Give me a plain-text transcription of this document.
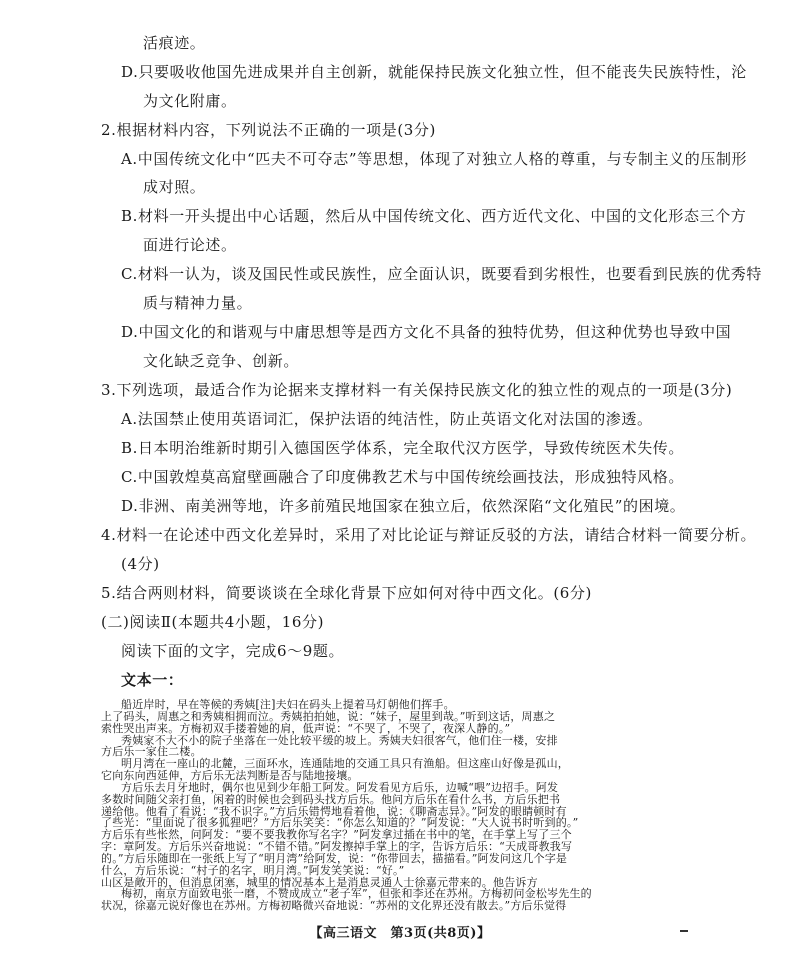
活痕迹。
D.只要吸收他国先进成果并自主创新，就能保持民族文化独立性，但不能丧失民族特性，沦
为文化附庸。
2.根据材料内容，下列说法不正确的一项是(3分)
A.中国传统文化中“匹夫不可夺志”等思想，体现了对独立人格的尊重，与专制主义的压制形
成对照。
B.材料一开头提出中心话题，然后从中国传统文化、西方近代文化、中国的文化形态三个方
面进行论述。
C.材料一认为，谈及国民性或民族性，应全面认识，既要看到劣根性，也要看到民族的优秀特
质与精神力量。
D.中国文化的和谐观与中庸思想等是西方文化不具备的独特优势，但这种优势也导致中国
文化缺乏竞争、创新。
3.下列选项，最适合作为论据来支撑材料一有关保持民族文化的独立性的观点的一项是(3分)
A.法国禁止使用英语词汇，保护法语的纯洁性，防止英语文化对法国的渗透。
B.日本明治维新时期引入德国医学体系，完全取代汉方医学，导致传统医术失传。
C.中国敦煌莫高窟壁画融合了印度佛教艺术与中国传统绘画技法，形成独特风格。
D.非洲、南美洲等地，许多前殖民地国家在独立后，依然深陷“文化殖民”的困境。
4.材料一在论述中西文化差异时，采用了对比论证与辩证反驳的方法，请结合材料一简要分析。
(4分)
5.结合两则材料，简要谈谈在全球化背景下应如何对待中西文化。(6分)
(二)阅读Ⅱ(本题共4小题，16分)
阅读下面的文字，完成6～9题。
文本一：
船近岸时，早在等候的秀姨[注]夫妇在码头上提着马灯朝他们挥手。
上了码头，周惠之和秀姨相拥而泣。秀姨拍拍她，说：“妹子，屋里到哉。”听到这话，周惠之
索性哭出声来。方梅初双手搂着她的肩，低声说：“不哭了，不哭了，夜深人静的。”
秀姨家不大不小的院子坐落在一处比较平缓的坡上。秀姨夫妇很客气，他们住一楼，安排
方后乐一家住二楼。
明月湾在一座山的北麓，三面环水，连通陆地的交通工具只有渔船。但这座山好像是孤山，
它向东向西延伸，方后乐无法判断是否与陆地接壤。
【高三语文　第3页(共8页)】
方后乐去月牙地时，偶尔也见到少年船工阿发。阿发看见方后乐，边喊“喂”边招手。阿发
多数时间随父亲打鱼，闲着的时候也会到码头找方后乐。他问方后乐在看什么书，方后乐把书
递给他。他看了看说：“我不识字。”方后乐错愕地看着他，说：《聊斋志异》。”阿发的眼睛顿时有
了些光：“里面说了很多狐狸吧？”方后乐笑笑：“你怎么知道的？”阿发说：“大人说书时听到的。”
方后乐有些怅然，问阿发：“要不要我教你写名字？”阿发拿过插在书中的笔，在手掌上写了三个
字：章阿发。方后乐兴奋地说：“不错不错。”阿发擦掉手掌上的字，告诉方后乐：“天成哥教我写
的。”方后乐随即在一张纸上写了“明月湾”给阿发，说：“你带回去，描描看。”阿发问这几个字是
什么，方后乐说：“村子的名字，明月湾。”阿发笑笑说：“好。”
山区是敞开的，但消息闭塞，城里的情况基本上是消息灵通人士徐嘉元带来的。他告诉方
梅初，南京方面致电张一磨，不赞成成立“老子军”，但张和李还在苏州。方梅初问金松岑先生的
状况，徐嘉元说好像也在苏州。方梅初略微兴奋地说：“苏州的文化界还没有散去。”方后乐觉得
